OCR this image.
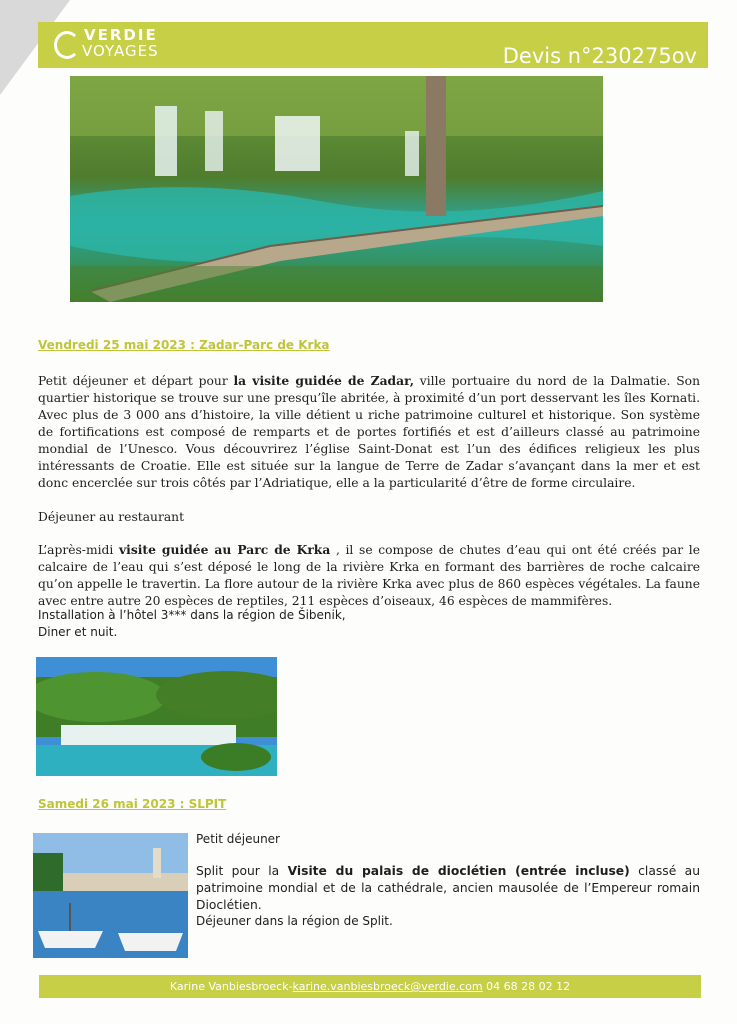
VERDIE
VOYAGES	Devis n°230275ov
Vendredi 25 mai 2023 : Zadar-Parc de Krka
Petit déjeuner et départ pour la visite guidée de Zadar, ville portuaire du nord de la Dalmatie. Son quartier historique se trouve sur une presqu’île abritée, à proximité d’un port desservant les îles Kornati. Avec plus de 3 000 ans d’histoire, la ville détient u riche patrimoine culturel et historique. Son système de fortifications est composé de remparts et de portes fortifiés et est d’ailleurs classé au patrimoine mondial de l’Unesco. Vous découvrirez l’église Saint-Donat est l’un des édifices religieux les plus intéressants de Croatie. Elle est située sur la langue de Terre de Zadar s’avançant dans la mer et est donc encerclée sur trois côtés par l’Adriatique, elle a la particularité d’être de forme circulaire.
Déjeuner au restaurant
L’après-midi visite guidée au Parc de Krka , il se compose de chutes d’eau qui ont été créés par le calcaire de l’eau qui s’est déposé le long de la rivière Krka en formant des barrières de roche calcaire qu’on appelle le travertin. La flore autour de la rivière Krka avec plus de 860 espèces végétales. La faune avec entre autre 20 espèces de reptiles, 211 espèces d’oiseaux, 46 espèces de mammifères.
Installation à l’hôtel 3*** dans la région de Šibenik,
Diner et nuit.
Samedi 26 mai 2023 : SLPIT
Petit déjeuner
Split pour la Visite du palais de dioclétien (entrée incluse) classé au patrimoine mondial et de la cathédrale, ancien mausolée de l’Empereur romain Dioclétien.
Déjeuner dans la région de Split.
Karine Vanbiesbroeck-karine.vanbiesbroeck@verdie.com 04 68 28 02 12
